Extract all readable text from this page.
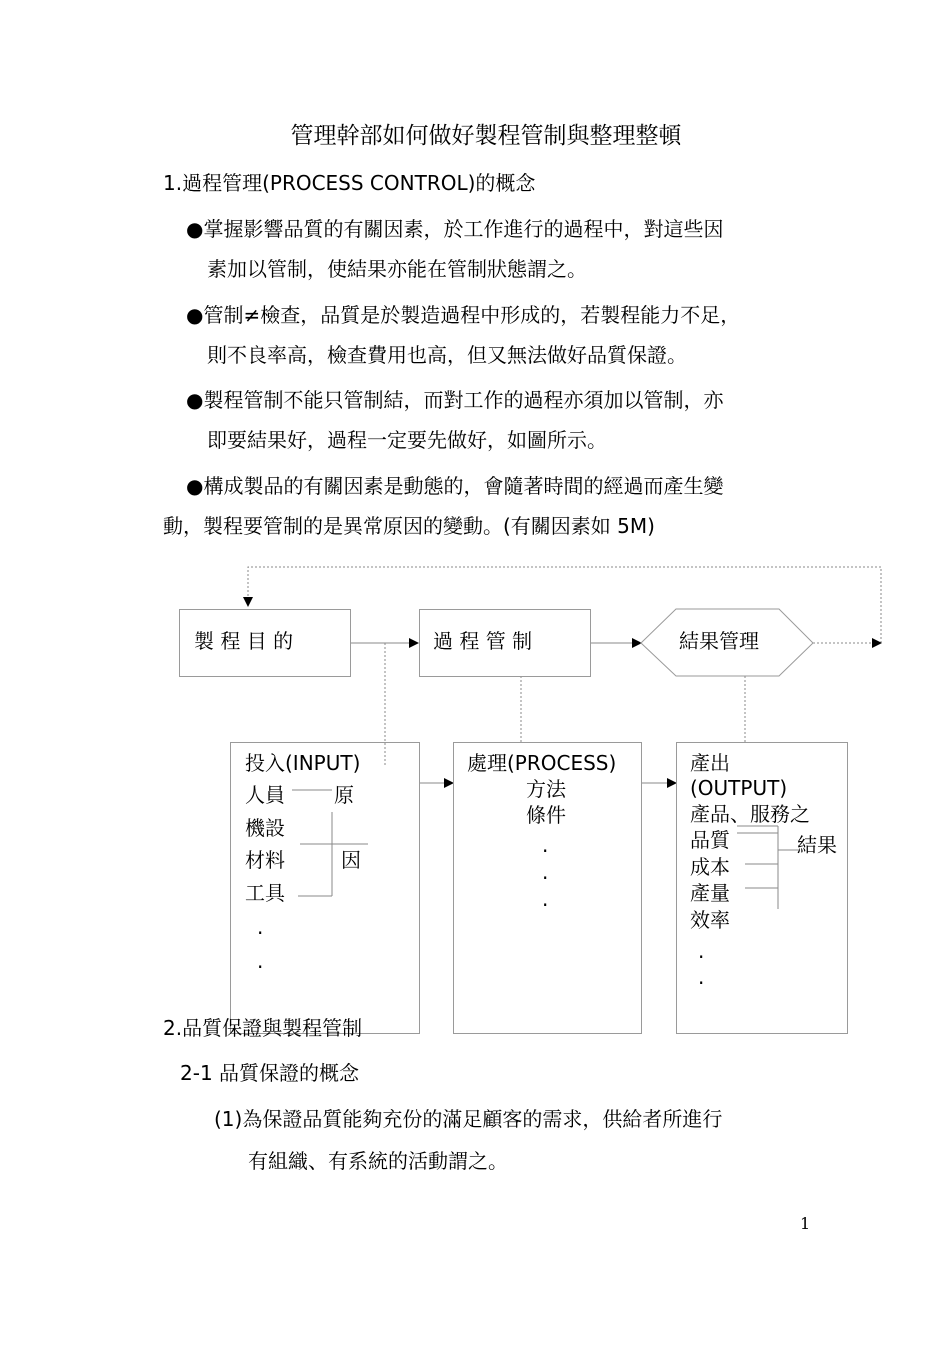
管理幹部如何做好製程管制與整理整頓
1.過程管理(PROCESS CONTROL)的概念
●掌握影響品質的有關因素，於工作進行的過程中，對這些因
素加以管制，使結果亦能在管制狀態謂之。
●管制≠檢查，品質是於製造過程中形成的，若製程能力不足，
則不良率高，檢查費用也高，但又無法做好品質保證。
●製程管制不能只管制結，而對工作的過程亦須加以管制，亦
即要結果好，過程一定要先做好，如圖所示。
●構成製品的有關因素是動態的，會隨著時間的經過而產生變
動，製程要管制的是異常原因的變動。(有關因素如 5M)
製 程 目 的	過 程 管 制	結果管理
投入(INPUT)
人員
機設
材料
工具
.
.
原
因
處理(PROCESS)
方法
條件
.
.
.
產出
(OUTPUT)
產品、服務之
品質
成本
產量
效率
.
.
結果
2.品質保證與製程管制
2-1 品質保證的概念
(1)為保證品質能夠充份的滿足顧客的需求，供給者所進行
有組織、有系統的活動謂之。
1
